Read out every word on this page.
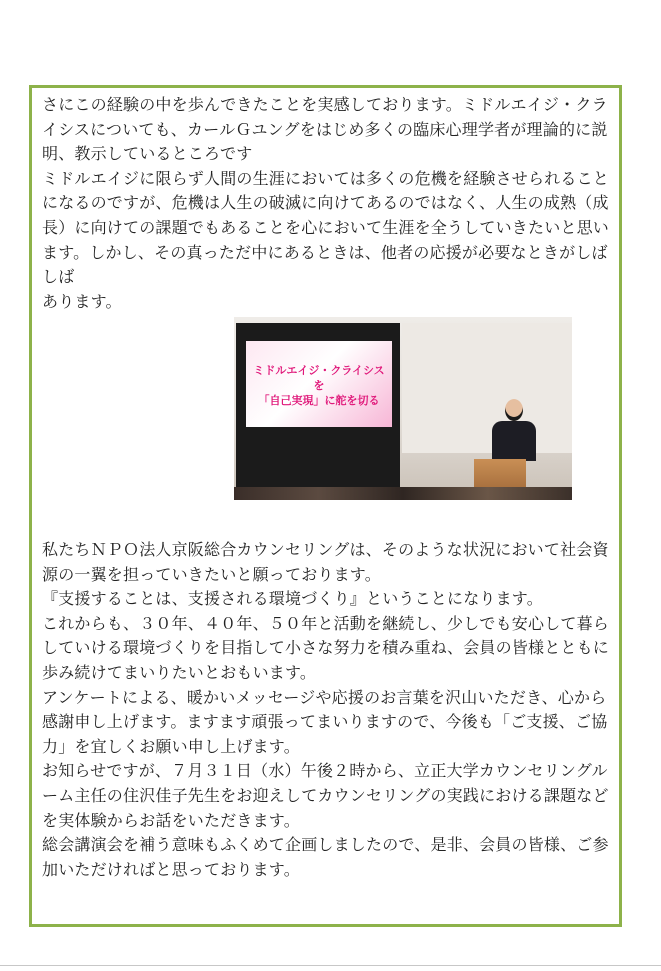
さにこの経験の中を歩んできたことを実感しております。ミドルエイジ・クライシスについても、カールＧユングをはじめ多くの臨床心理学者が理論的に説明、教示しているところです

ミドルエイジに限らず人間の生涯においては多くの危機を経験させられることになるのですが、危機は人生の破滅に向けてあるのではなく、人生の成熟（成長）に向けての課題でもあることを心において生涯を全うしていきたいと思います。しかし、その真っただ中にあるときは、他者の応援が必要なときがしばしば

あります。

ミドルエイジ・クライシス
を
「自己実現」に舵を切る

私たちＮＰＯ法人京阪総合カウンセリングは、そのような状況において社会資源の一翼を担っていきたいと願っております。

『支援することは、支援される環境づくり』ということになります。

これからも、３０年、４０年、５０年と活動を継続し、少しでも安心して暮らしていける環境づくりを目指して小さな努力を積み重ね、会員の皆様とともに歩み続けてまいりたいとおもいます。

アンケートによる、暖かいメッセージや応援のお言葉を沢山いただき、心から感謝申し上げます。ますます頑張ってまいりますので、今後も「ご支援、ご協力」を宜しくお願い申し上げます。

お知らせですが、７月３１日（水）午後２時から、立正大学カウンセリングルーム主任の住沢佳子先生をお迎えしてカウンセリングの実践における課題などを実体験からお話をいただきます。

総会講演会を補う意味もふくめて企画しましたので、是非、会員の皆様、ご参加いただければと思っております。
